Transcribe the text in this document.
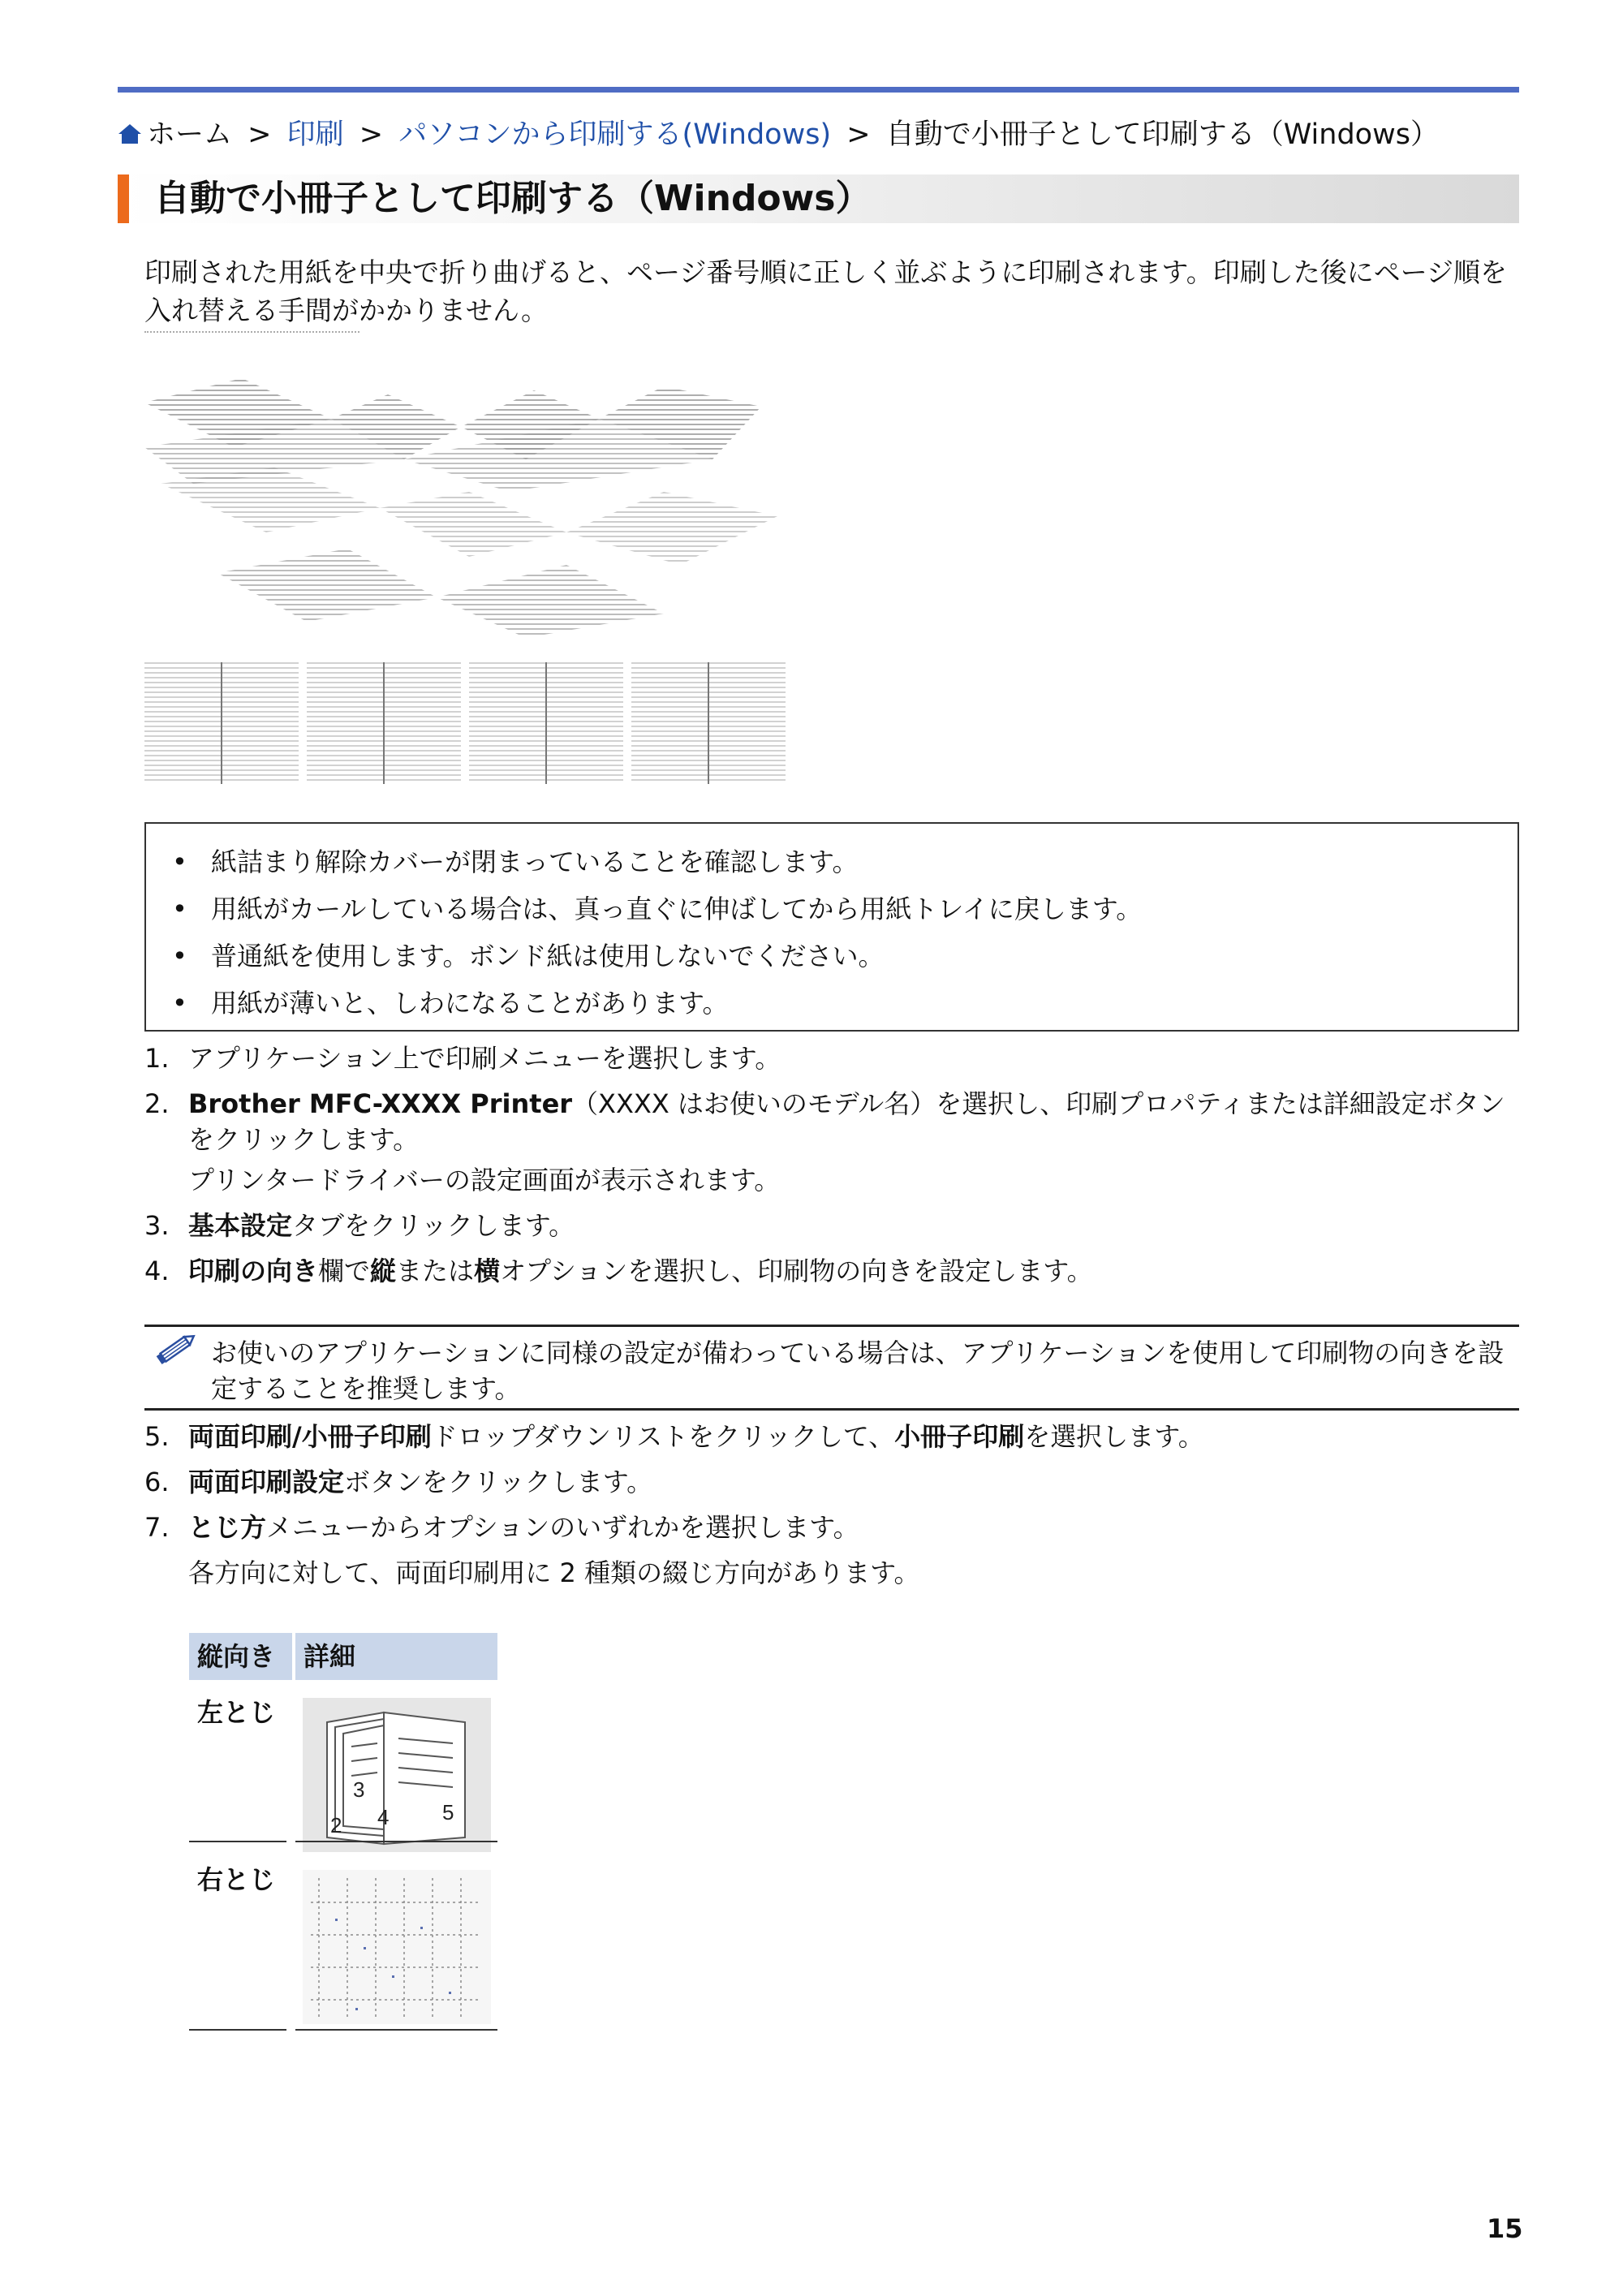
ホーム > 印刷 > パソコンから印刷する(Windows) > 自動で小冊子として印刷する（Windows）
自動で小冊子として印刷する（Windows）

印刷された用紙を中央で折り曲げると、ページ番号順に正しく並ぶように印刷されます。印刷した後にページ順を入れ替える手間がかかりません。

• 紙詰まり解除カバーが閉まっていることを確認します。
• 用紙がカールしている場合は、真っ直ぐに伸ばしてから用紙トレイに戻します。
• 普通紙を使用します。ボンド紙は使用しないでください。
• 用紙が薄いと、しわになることがあります。
1. アプリケーション上で印刷メニューを選択します。
2. Brother MFC-XXXX Printer（XXXX はお使いのモデル名）を選択し、印刷プロパティまたは詳細設定ボタンをクリックします。
プリンタードライバーの設定画面が表示されます。
3. 基本設定タブをクリックします。
4. 印刷の向き欄で縦または横オプションを選択し、印刷物の向きを設定します。
お使いのアプリケーションに同様の設定が備わっている場合は、アプリケーションを使用して印刷物の向きを設定することを推奨します。
5. 両面印刷/小冊子印刷ドロップダウンリストをクリックして、小冊子印刷を選択します。
6. 両面印刷設定ボタンをクリックします。
7. とじ方メニューからオプションのいずれかを選択します。
各方向に対して、両面印刷用に 2 種類の綴じ方向があります。
縦向き	詳細
左とじ
2
3
4	5
右とじ
15
